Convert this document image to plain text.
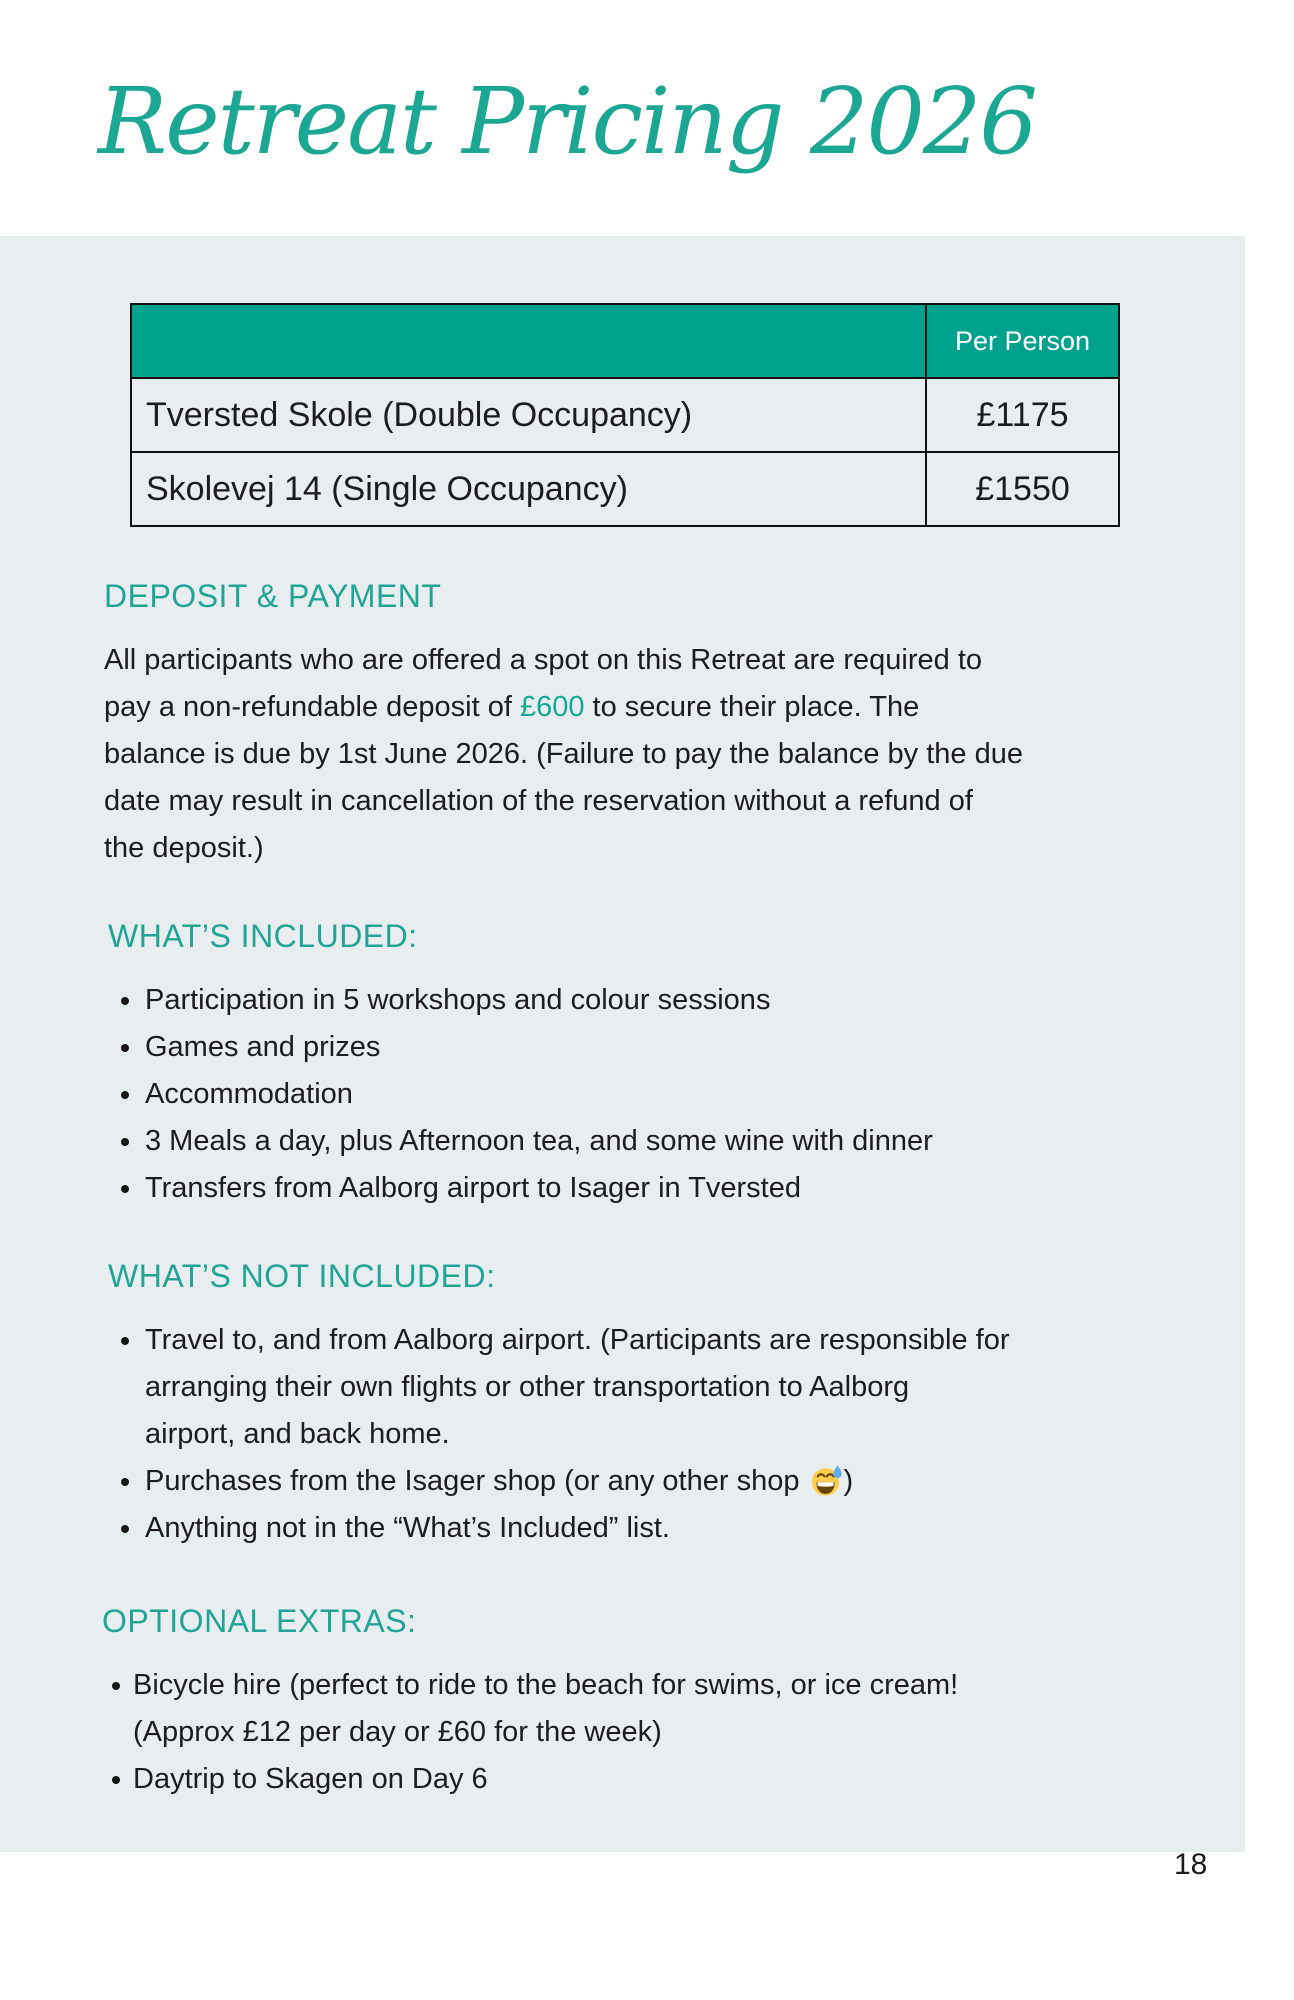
Retreat Pricing 2026
	Per Person
Tversted Skole (Double Occupancy)	£1175
Skolevej 14 (Single Occupancy)	£1550
DEPOSIT & PAYMENT
All participants who are offered a spot on this Retreat are required to
pay a non-refundable deposit of £600 to secure their place. The
balance is due by 1st June 2026. (Failure to pay the balance by the due
date may result in cancellation of the reservation without a refund of
the deposit.)
WHAT’S INCLUDED:
Participation in 5 workshops and colour sessions
Games and prizes
Accommodation
3 Meals a day, plus Afternoon tea, and some wine with dinner
Transfers from Aalborg airport to Isager in Tversted
WHAT’S NOT INCLUDED:
Travel to, and from Aalborg airport. (Participants are responsible for
arranging their own flights or other transportation to Aalborg
airport, and back home.
Purchases from the Isager shop (or any other shop )
Anything not in the “What’s Included” list.
OPTIONAL EXTRAS:
Bicycle hire (perfect to ride to the beach for swims, or ice cream!
(Approx £12 per day or £60 for the week)
Daytrip to Skagen on Day 6
18
